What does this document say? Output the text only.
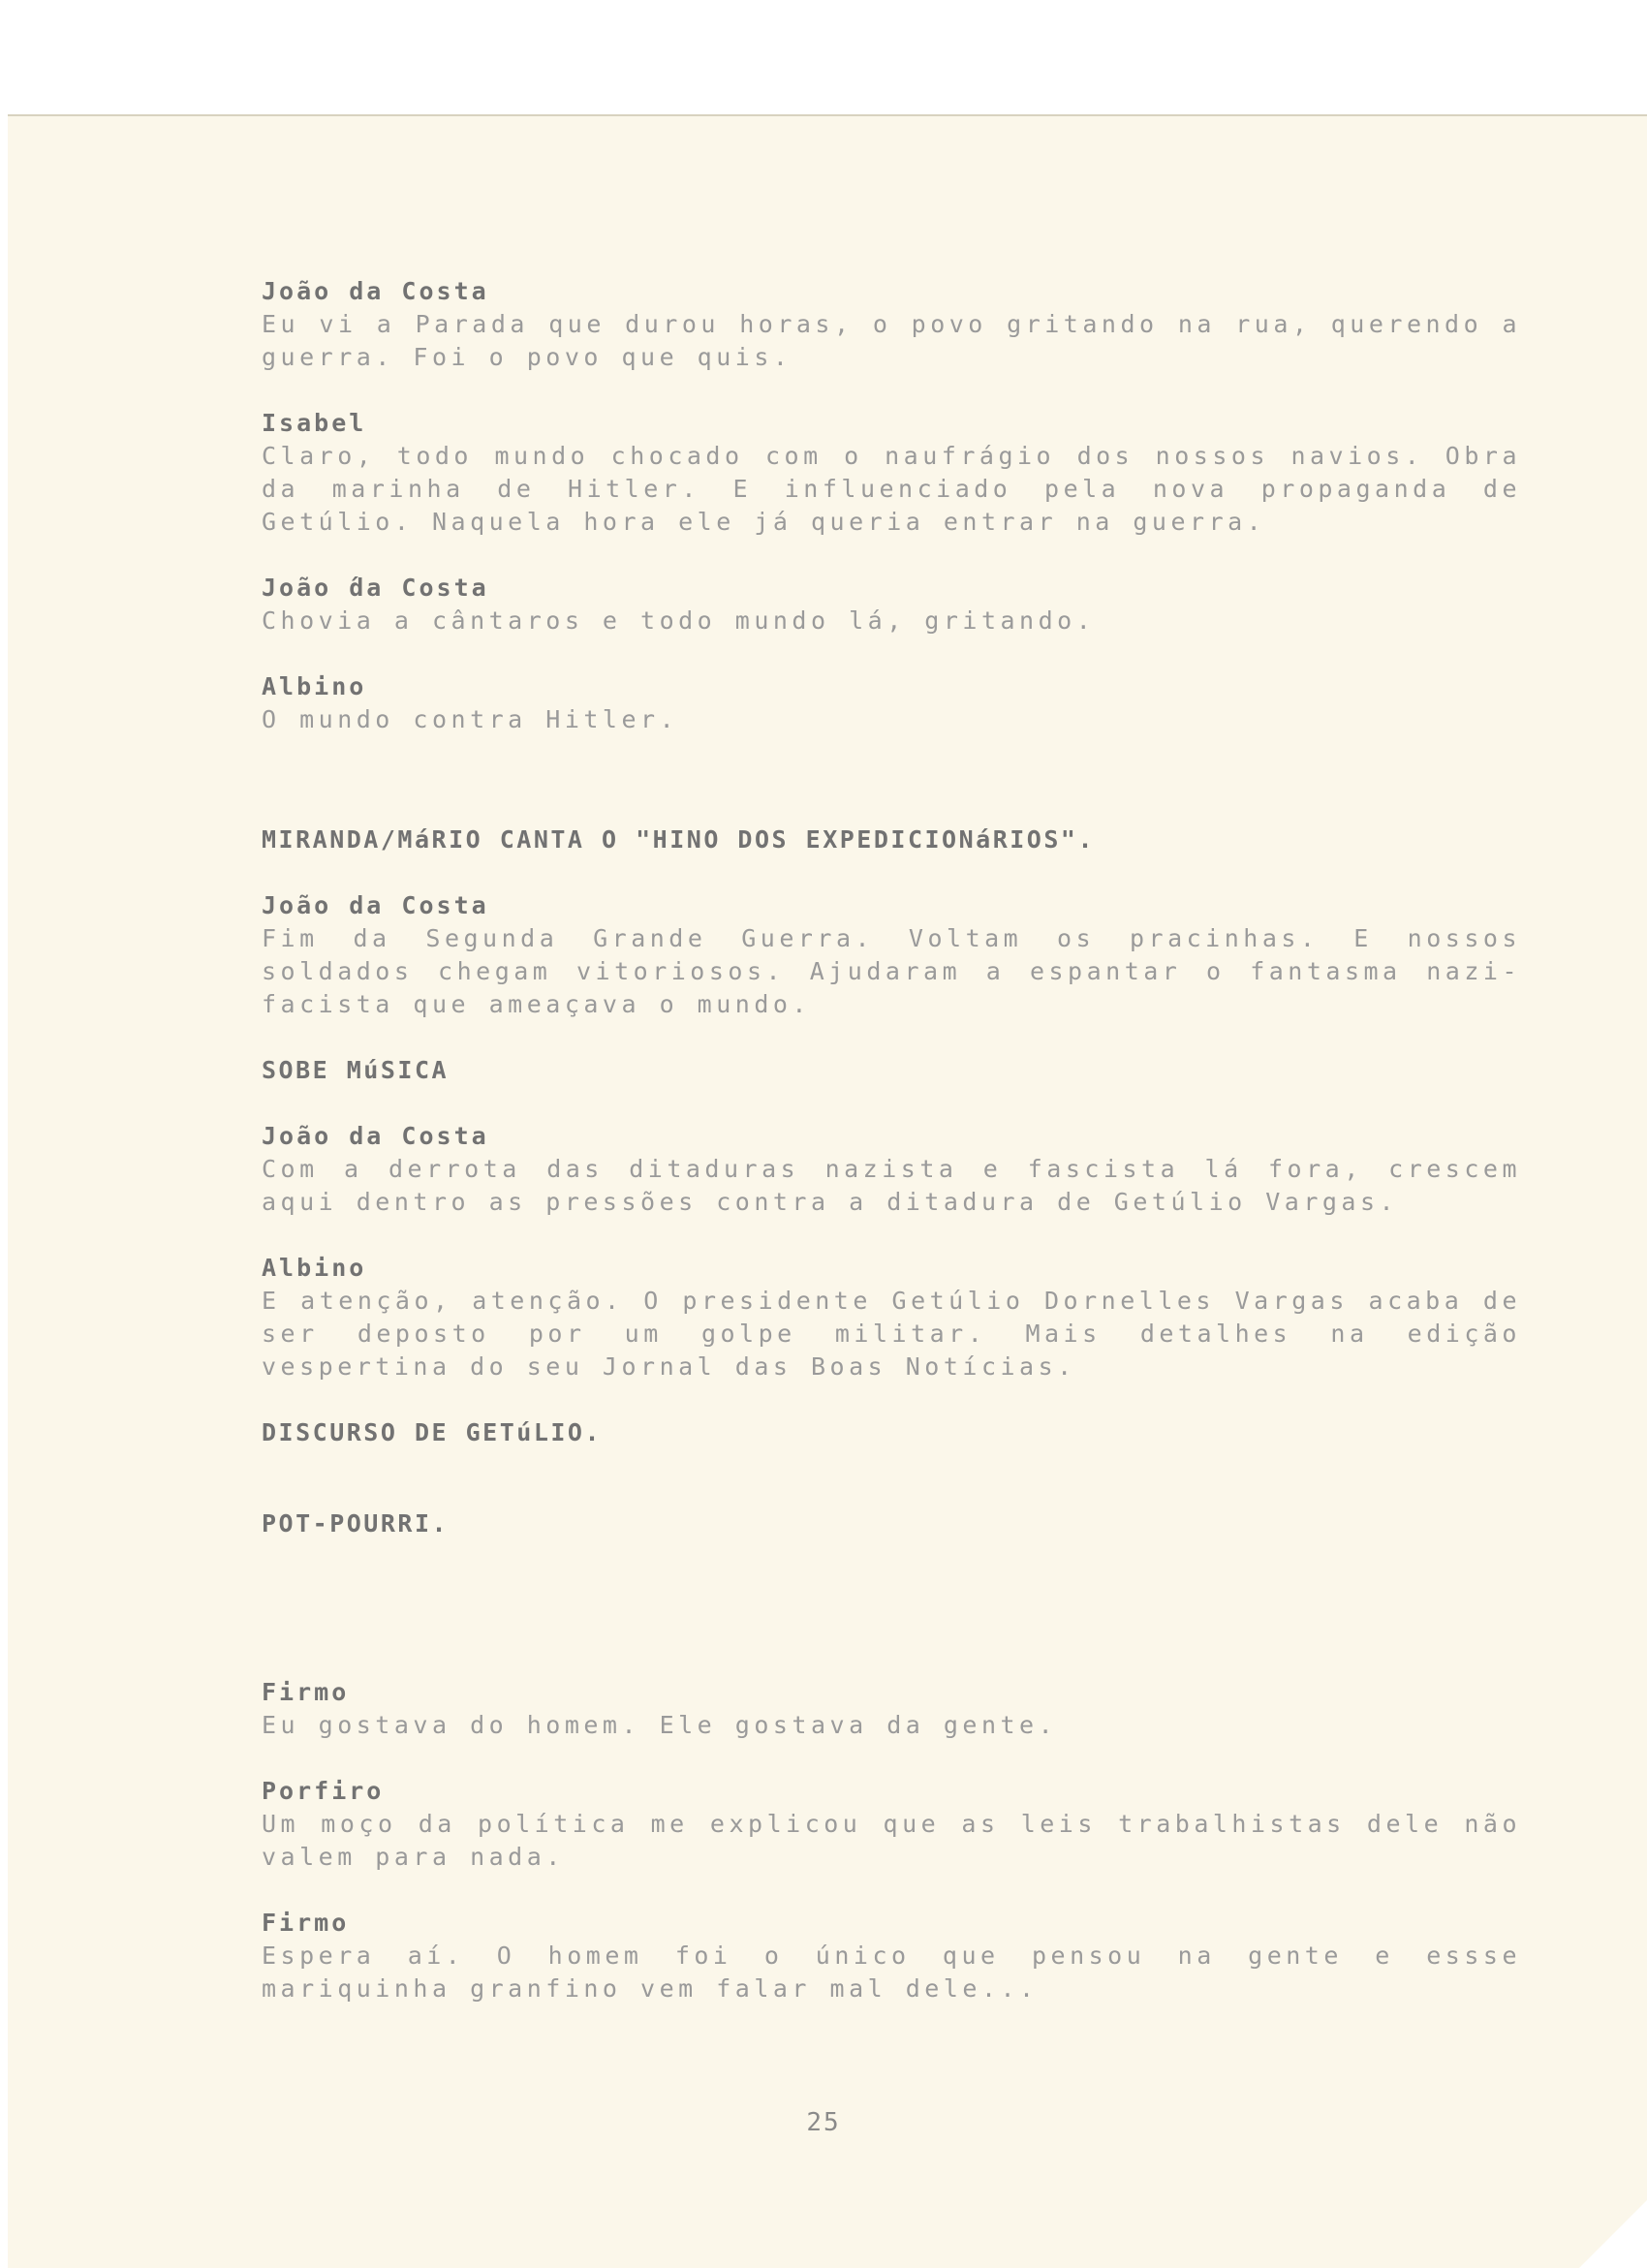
João da Costa
Eu vi a Parada que durou horas, o povo gritando na rua, querendo a guerra. Foi o povo que quis.
Isabel
Claro, todo mundo chocado com o naufrágio dos nossos navios. Obra da marinha de Hitler. E influenciado pela nova propaganda de Getúlio. Naquela hora ele já queria entrar na guerra.
João ́da Costa
Chovia a cântaros e todo mundo lá, gritando.
Albino
O mundo contra Hitler.
MIRANDA/MáRIO CANTA O "HINO DOS EXPEDICIONáRIOS".
João da Costa
Fim da Segunda Grande Guerra. Voltam os pracinhas. E nossos soldados chegam vitoriosos. Ajudaram a espantar o fantasma nazi-facista que ameaçava o mundo.
SOBE MúSICA
João da Costa
Com a derrota das ditaduras nazista e fascista lá fora, crescem aqui dentro as pressões contra a ditadura de Getúlio Vargas.
Albino
E atenção, atenção. O presidente Getúlio Dornelles Vargas acaba de ser deposto por um golpe militar. Mais detalhes na edição vespertina do seu Jornal das Boas Notícias.
DISCURSO DE GETúLIO.
POT-POURRI.
Firmo
Eu gostava do homem. Ele gostava da gente.
Porfiro
Um moço da política me explicou que as leis trabalhistas dele não valem para nada.
Firmo
Espera aí. O homem foi o único que pensou na gente e essse mariquinha granfino vem falar mal dele...
25
